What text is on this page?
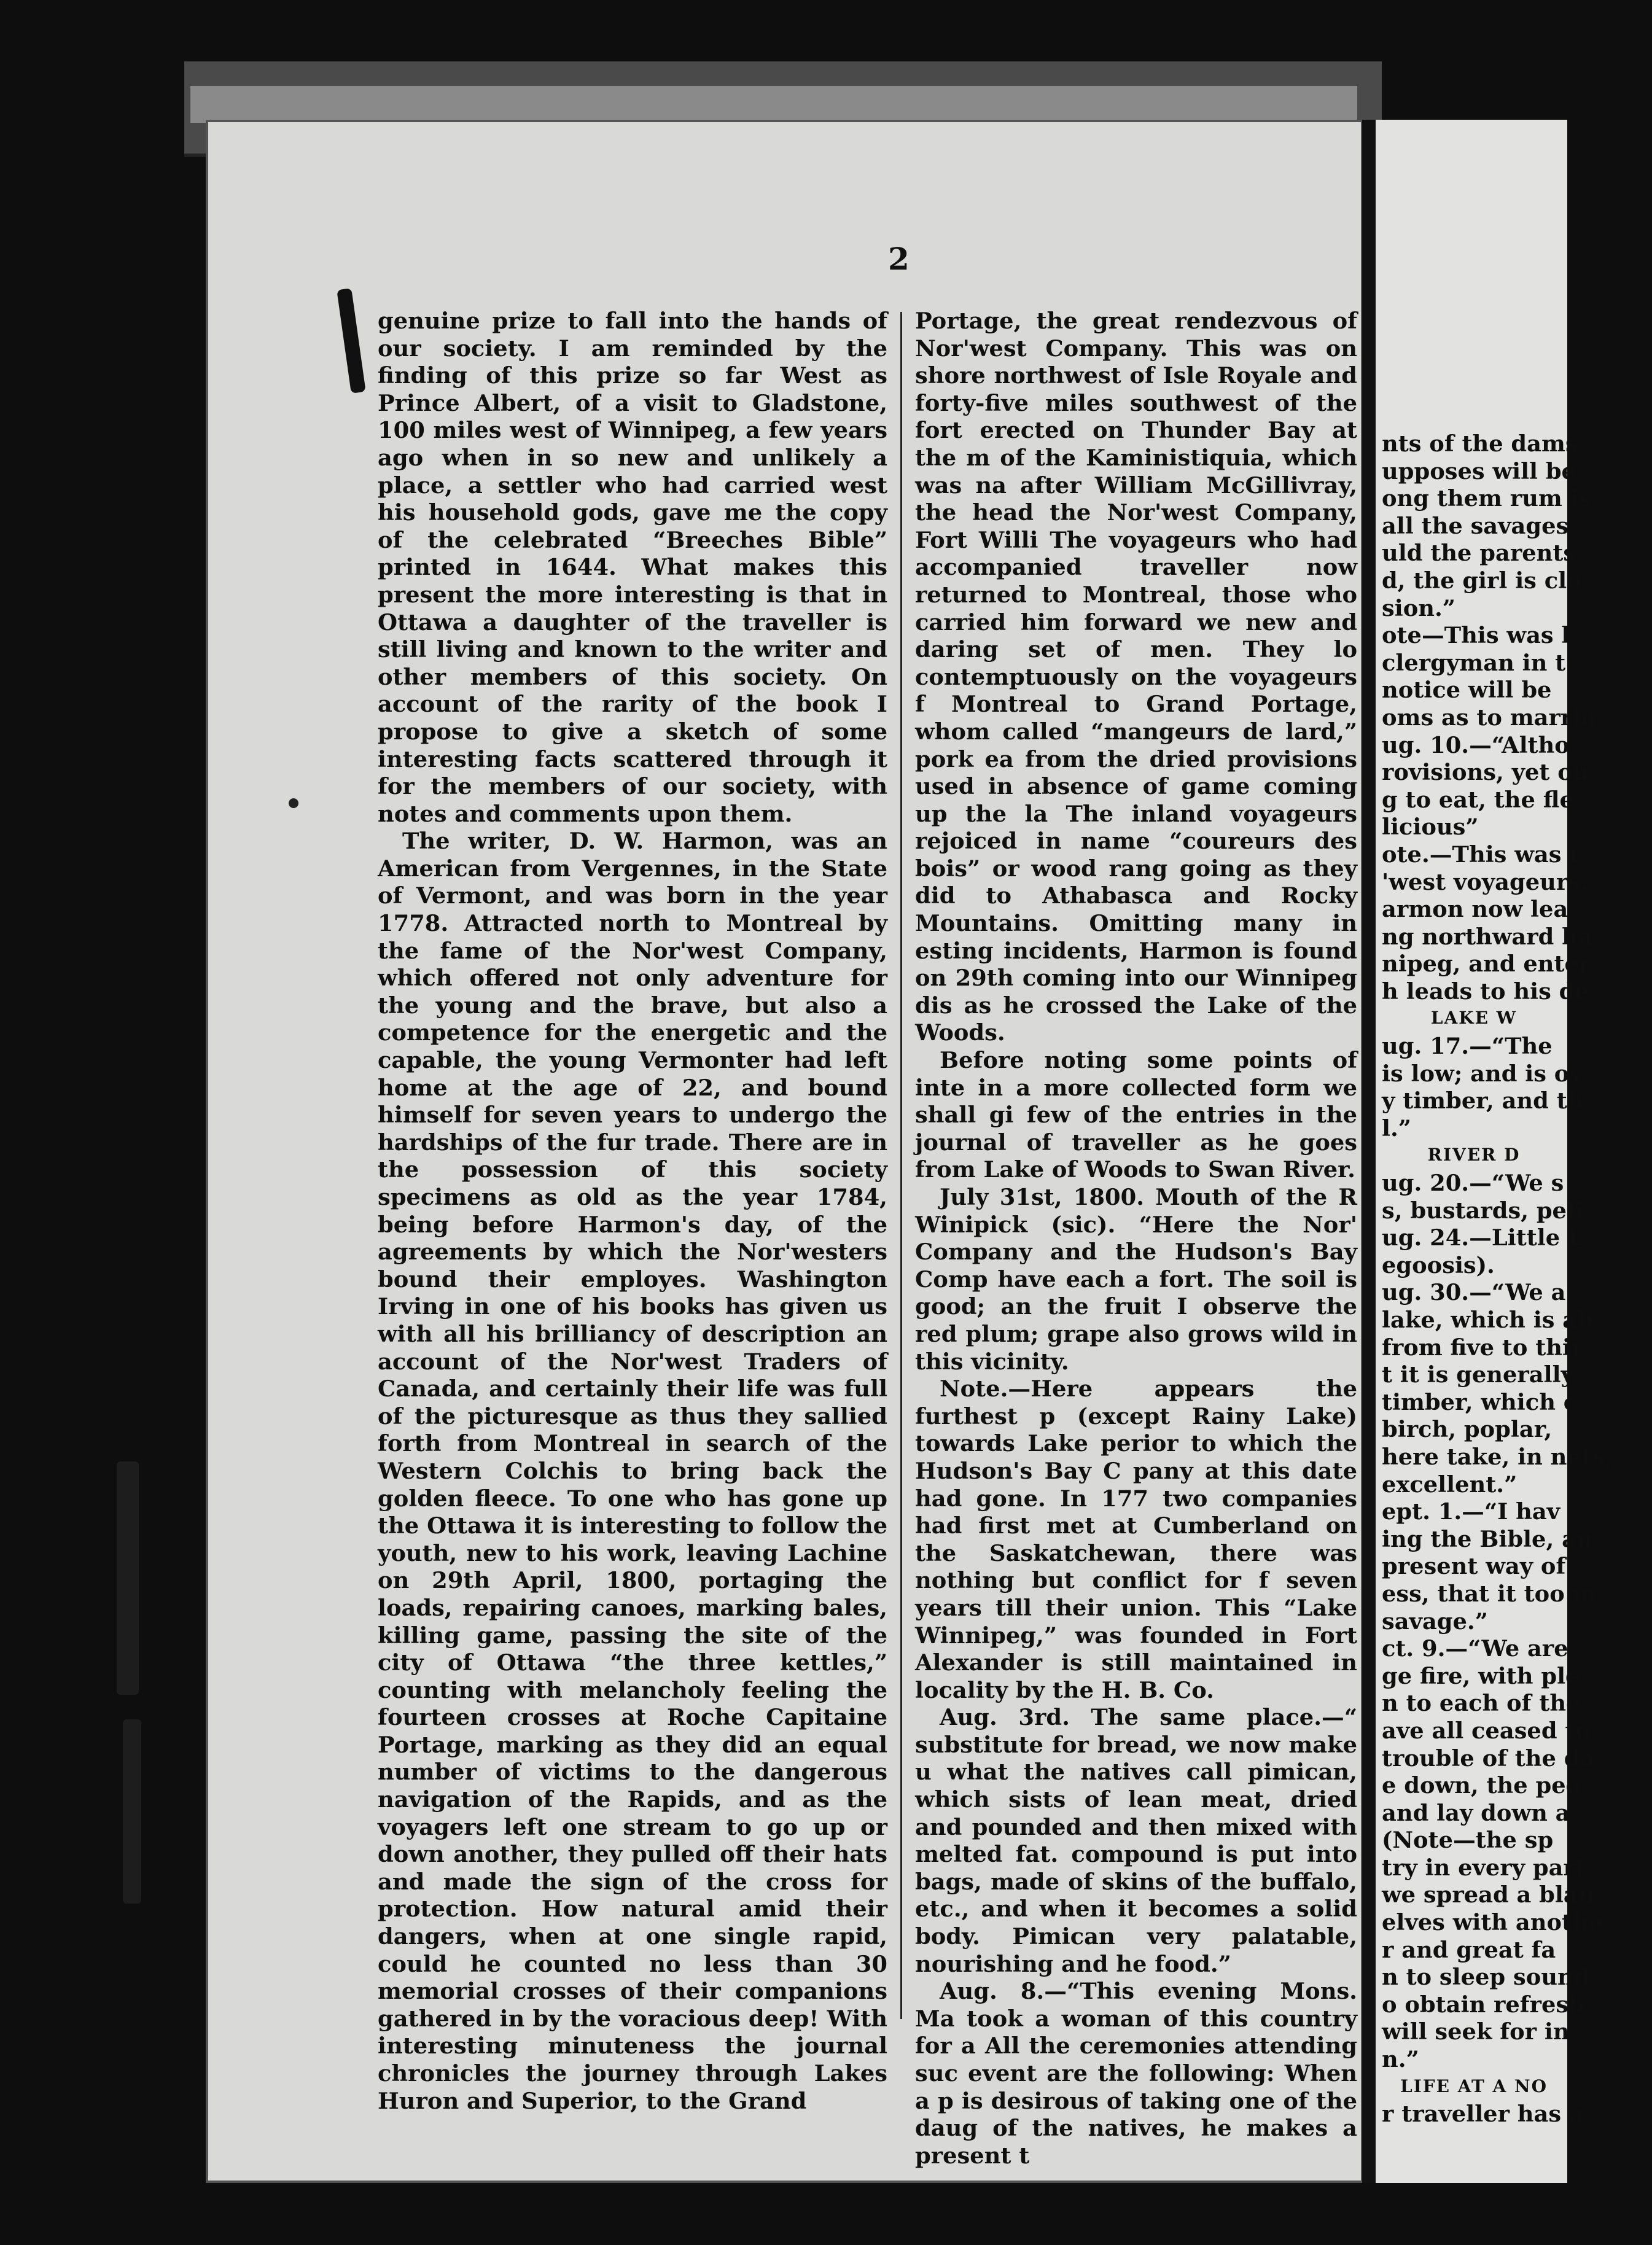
2

genuine prize to fall into the hands of our society. I am reminded by the finding of this prize so far West as Prince Albert, of a visit to Gladstone, 100 miles west of Winnipeg, a few years ago when in so new and unlikely a place, a settler who had carried west his household gods, gave me the copy of the celebrated “Breeches Bible” printed in 1644. What makes this present the more interesting is that in Ottawa a daughter of the traveller is still living and known to the writer and other members of this society. On account of the rarity of the book I propose to give a sketch of some interesting facts scattered through it for the members of our society, with notes and comments upon them.

The writer, D. W. Harmon, was an American from Vergennes, in the State of Vermont, and was born in the year 1778. Attracted north to Montreal by the fame of the Nor'west Company, which offered not only adventure for the young and the brave, but also a competence for the energetic and the capable, the young Vermonter had left home at the age of 22, and bound himself for seven years to undergo the hardships of the fur trade. There are in the possession of this society specimens as old as the year 1784, being before Harmon's day, of the agreements by which the Nor'westers bound their employes. Washington Irving in one of his books has given us with all his brilliancy of description an account of the Nor'west Traders of Canada, and certainly their life was full of the picturesque as thus they sallied forth from Montreal in search of the Western Colchis to bring back the golden fleece. To one who has gone up the Ottawa it is interesting to follow the youth, new to his work, leaving Lachine on 29th April, 1800, portaging the loads, repairing canoes, marking bales, killing game, passing the site of the city of Ottawa “the three kettles,” counting with melancholy feeling the fourteen crosses at Roche Capitaine Portage, marking as they did an equal number of victims to the dangerous navigation of the Rapids, and as the voyagers left one stream to go up or down another, they pulled off their hats and made the sign of the cross for protection. How natural amid their dangers, when at one single rapid, could he counted no less than 30 memorial crosses of their companions gathered in by the voracious deep! With interesting minuteness the journal chronicles the journey through Lakes Huron and Superior, to the Grand

Portage, the great rendezvous of Nor'west Company. This was on shore northwest of Isle Royale and forty-five miles southwest of the fort erected on Thunder Bay at the m of the Kaministiquia, which was na after William McGillivray, the head the Nor'west Company, Fort Willi The voyageurs who had accompanied traveller now returned to Montreal, those who carried him forward we new and daring set of men. They lo contemptuously on the voyageurs f Montreal to Grand Portage, whom called “mangeurs de lard,” pork ea from the dried provisions used in absence of game coming up the la The inland voyageurs rejoiced in name “coureurs des bois” or wood rang going as they did to Athabasca and Rocky Mountains. Omitting many in esting incidents, Harmon is found on 29th coming into our Winnipeg dis as he crossed the Lake of the Woods.

Before noting some points of inte in a more collected form we shall gi few of the entries in the journal of traveller as he goes from Lake of Woods to Swan River.

July 31st, 1800. Mouth of the R Winipick (sic). “Here the Nor' Company and the Hudson's Bay Comp have each a fort. The soil is good; an the fruit I observe the red plum; grape also grows wild in this vicinity.

Note.—Here appears the furthest p (except Rainy Lake) towards Lake perior to which the Hudson's Bay C pany at this date had gone. In 177 two companies had first met at Cumberland on the Saskatchewan, there was nothing but conflict for f seven years till their union. This “Lake Winnipeg,” was founded in Fort Alexander is still maintained in locality by the H. B. Co.

Aug. 3rd. The same place.—“ substitute for bread, we now make u what the natives call pimican, which sists of lean meat, dried and pounded and then mixed with melted fat. compound is put into bags, made of skins of the buffalo, etc., and when it becomes a solid body. Pimican very palatable, nourishing and he food.”

Aug. 8.—“This evening Mons. Ma took a woman of this country for a All the ceremonies attending suc event are the following: When a p is desirous of taking one of the daug of the natives, he makes a present t

nts of the dams
upposes will be
ong them rum is
all the savages
uld the parents
d, the girl is clo
sion.”
ote—This was l
clergyman in t
notice will be
oms as to marria
ug. 10.—“Altho
rovisions, yet ou
g to eat, the fle
licious”
ote.—This was r
'west voyageurs.
armon now lea
ng northward ha
nipeg, and enter
h leads to his de
LAKE W
ug. 17.—“The
is low; and is ov
y timber, and th
l.”
RIVER D
ug. 20.—“We s
s, bustards, peli
ug. 24.—Little L
egoosis).
ug. 30.—“We a
lake, which is ab
from five to thir
t it is generally
timber, which c
birch, poplar,
here take, in nets,
excellent.”
ept. 1.—“I hav
ing the Bible, an
present way of
ess, that it too m
savage.”
ct. 9.—“We are
ge fire, with ple
n to each of the
ave all ceased to
trouble of the da
e down, the peo
and lay down a
(Note—the sp
try in every part
we spread a blan
elves with anothe
r and great fa
n to sleep sound
o obtain refresh
will seek for in
n.”
LIFE AT A NO
r traveller has a
